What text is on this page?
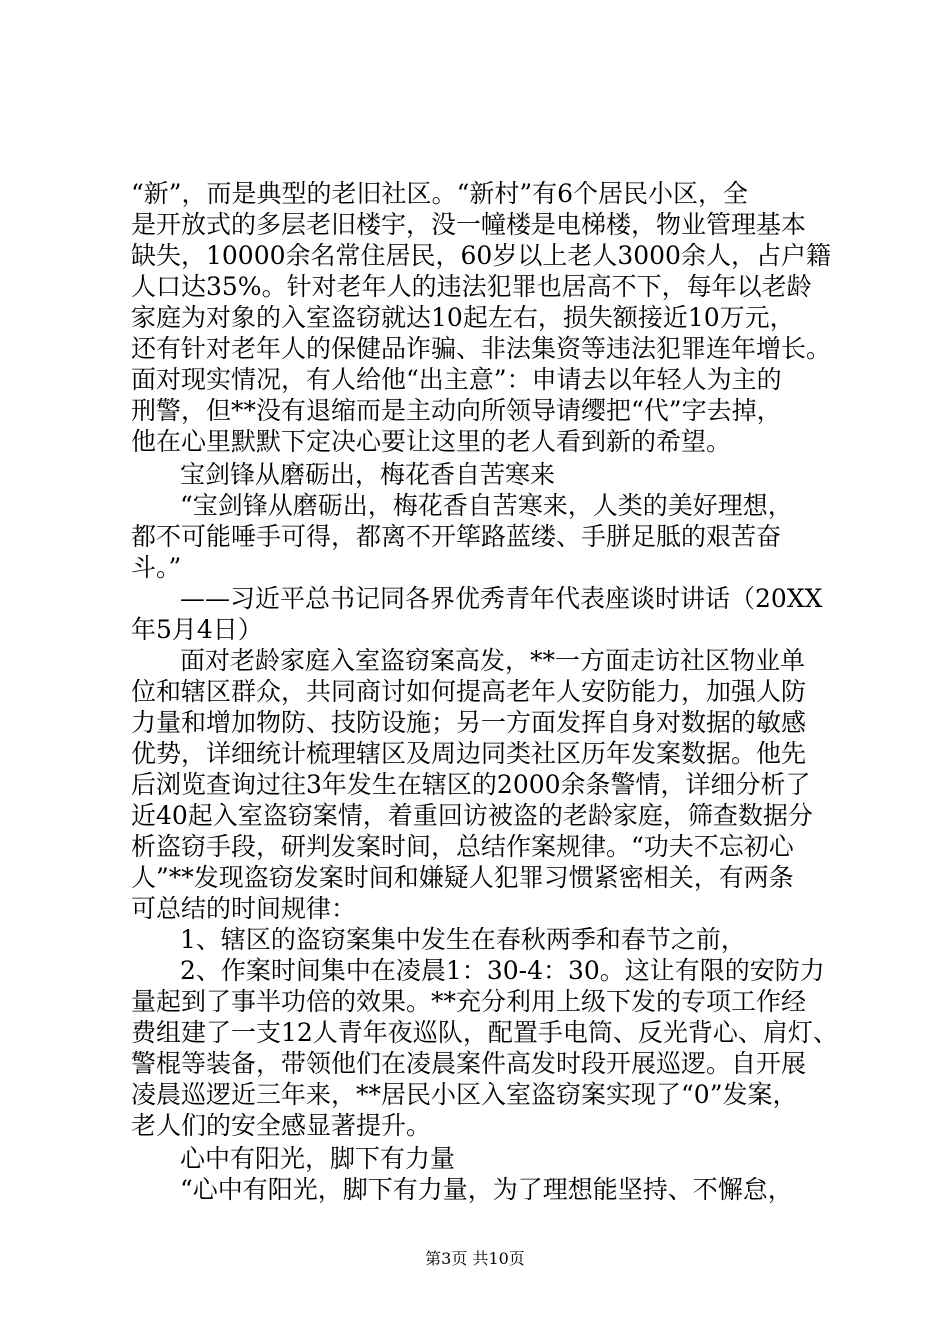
“新”，而是典型的老旧社区。“新村”有6个居民小区，全
是开放式的多层老旧楼宇，没一幢楼是电梯楼，物业管理基本
缺失，10000余名常住居民，60岁以上老人3000余人，占户籍
人口达35%。针对老年人的违法犯罪也居高不下，每年以老龄
家庭为对象的入室盗窃就达10起左右，损失额接近10万元，
还有针对老年人的保健品诈骗、非法集资等违法犯罪连年增长。
面对现实情况，有人给他“出主意”：申请去以年轻人为主的
刑警，但**没有退缩而是主动向所领导请缨把“代”字去掉，
他在心里默默下定决心要让这里的老人看到新的希望。
宝剑锋从磨砺出，梅花香自苦寒来
“宝剑锋从磨砺出，梅花香自苦寒来，人类的美好理想，
都不可能唾手可得，都离不开筚路蓝缕、手胼足胝的艰苦奋
斗。”
——习近平总书记同各界优秀青年代表座谈时讲话（20XX
年5月4日）
面对老龄家庭入室盗窃案高发，**一方面走访社区物业单
位和辖区群众，共同商讨如何提高老年人安防能力，加强人防
力量和增加物防、技防设施；另一方面发挥自身对数据的敏感
优势，详细统计梳理辖区及周边同类社区历年发案数据。他先
后浏览查询过往3年发生在辖区的2000余条警情，详细分析了
近40起入室盗窃案情，着重回访被盗的老龄家庭，筛查数据分
析盗窃手段，研判发案时间，总结作案规律。“功夫不忘初心
人”**发现盗窃发案时间和嫌疑人犯罪习惯紧密相关，有两条
可总结的时间规律：
1、辖区的盗窃案集中发生在春秋两季和春节之前，
2、作案时间集中在凌晨1：30-4：30。这让有限的安防力
量起到了事半功倍的效果。**充分利用上级下发的专项工作经
费组建了一支12人青年夜巡队，配置手电筒、反光背心、肩灯、
警棍等装备，带领他们在凌晨案件高发时段开展巡逻。自开展
凌晨巡逻近三年来，**居民小区入室盗窃案实现了“0”发案，
老人们的安全感显著提升。
心中有阳光，脚下有力量
“心中有阳光，脚下有力量，为了理想能坚持、不懈怠，
第3页 共10页
